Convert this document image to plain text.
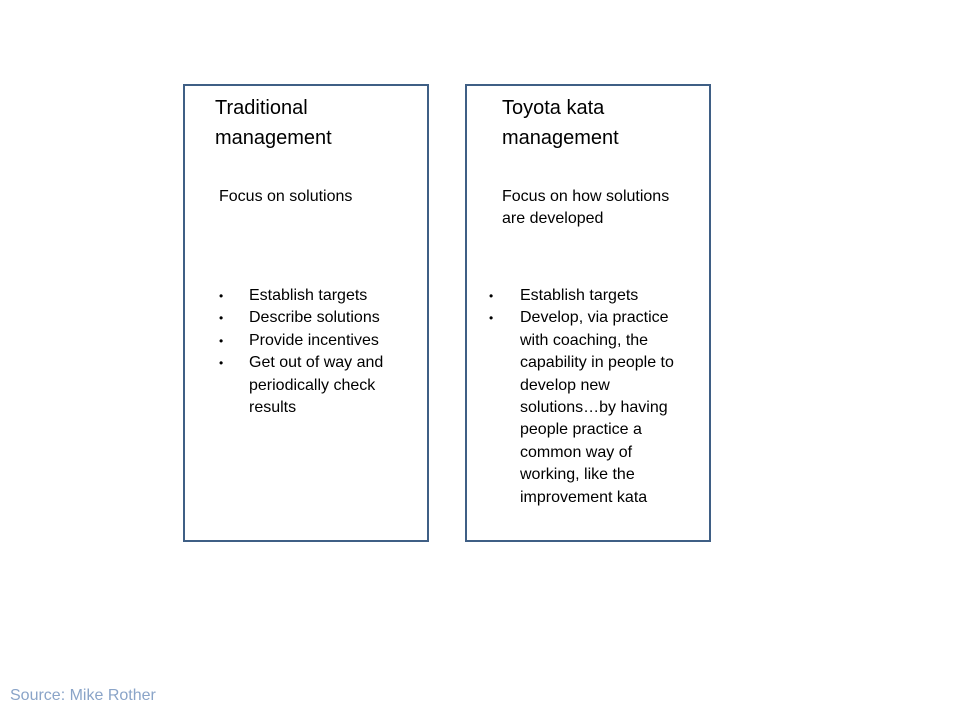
Traditional management

Focus on solutions

•	Establish targets
•	Describe solutions
•	Provide incentives
•	Get out of way and periodically check results
Toyota kata management

Focus on how solutions are developed

•	Establish targets
•	Develop, via practice with coaching, the capability in people to develop new solutions…by having people practice a common way of working, like the improvement kata
Source: Mike Rother
